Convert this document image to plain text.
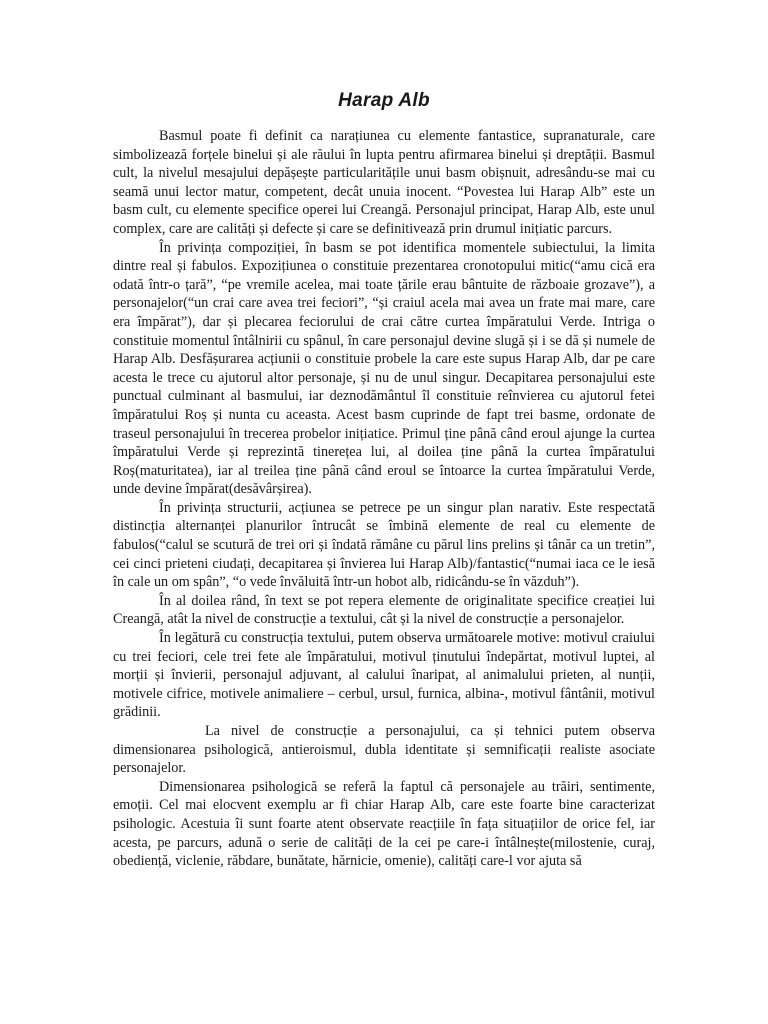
Harap Alb

Basmul poate fi definit ca narațiunea cu elemente fantastice, supranaturale, care simbolizează forțele binelui și ale răului în lupta pentru afirmarea binelui și dreptății. Basmul cult, la nivelul mesajului depășește particularitățile unui basm obișnuit, adresându-se mai cu seamă unui lector matur, competent, decât unuia inocent. “Povestea lui Harap Alb” este un basm cult, cu elemente specifice operei lui Creangă. Personajul principat, Harap Alb, este unul complex, care are calități și defecte și care se definitivează prin drumul inițiatic parcurs.

În privința compoziției, în basm se pot identifica momentele subiectului, la limita dintre real și fabulos. Expozițiunea o constituie prezentarea cronotopului mitic(“amu cică era odată într-o țară”, “pe vremile acelea, mai toate țările erau bântuite de războaie grozave”), a personajelor(“un crai care avea trei feciori”, “și craiul acela mai avea un frate mai mare, care era împărat”), dar și plecarea feciorului de crai către curtea împăratului Verde. Intriga o constituie momentul întâlnirii cu spânul, în care personajul devine slugă și i se dă și numele de Harap Alb. Desfășurarea acțiunii o constituie probele la care este supus Harap Alb, dar pe care acesta le trece cu ajutorul altor personaje, și nu de unul singur. Decapitarea personajului este punctual culminant al basmului, iar deznodământul îl constituie reînvierea cu ajutorul fetei împăratului Roș și nunta cu aceasta. Acest basm cuprinde de fapt trei basme, ordonate de traseul personajului în trecerea probelor inițiatice. Primul ține până când eroul ajunge la curtea împăratului Verde și reprezintă tinerețea lui, al doilea ține până la curtea împăratului Roș(maturitatea), iar al treilea ține până când eroul se întoarce la curtea împăratului Verde, unde devine împărat(desăvârșirea).

În privința structurii, acțiunea se petrece pe un singur plan narativ. Este respectată distincția alternanței planurilor întrucât se îmbină elemente de real cu elemente de fabulos(“calul se scutură de trei ori și îndată rămâne cu părul lins prelins și tânăr ca un tretin”, cei cinci prieteni ciudați, decapitarea și învierea lui Harap Alb)/fantastic(“numai iaca ce le iesă în cale un om spân”, “o vede învăluită într-un hobot alb, ridicându-se în văzduh”).

În al doilea rând, în text se pot repera elemente de originalitate specifice creației lui Creangă, atât la nivel de construcție a textului, cât și la nivel de construcție a personajelor.

În legătură cu construcția textului, putem observa următoarele motive: motivul craiului cu trei feciori, cele trei fete ale împăratului, motivul ținutului îndepărtat, motivul luptei, al morții și învierii, personajul adjuvant, al calului înaripat, al animalului prieten, al nunții, motivele cifrice, motivele animaliere – cerbul, ursul, furnica, albina-, motivul fântânii, motivul grădinii.

La nivel de construcție a personajului, ca și tehnici putem observa dimensionarea psihologică, antieroismul, dubla identitate și semnificații realiste asociate personajelor.

Dimensionarea psihologică se referă la faptul că personajele au trăiri, sentimente, emoții. Cel mai elocvent exemplu ar fi chiar Harap Alb, care este foarte bine caracterizat psihologic. Acestuia îi sunt foarte atent observate reacțiile în fața situațiilor de orice fel, iar acesta, pe parcurs, adună o serie de calități de la cei pe care-i întâlnește(milostenie, curaj, obediență, viclenie, răbdare, bunătate, hărnicie, omenie), calități care-l vor ajuta să
